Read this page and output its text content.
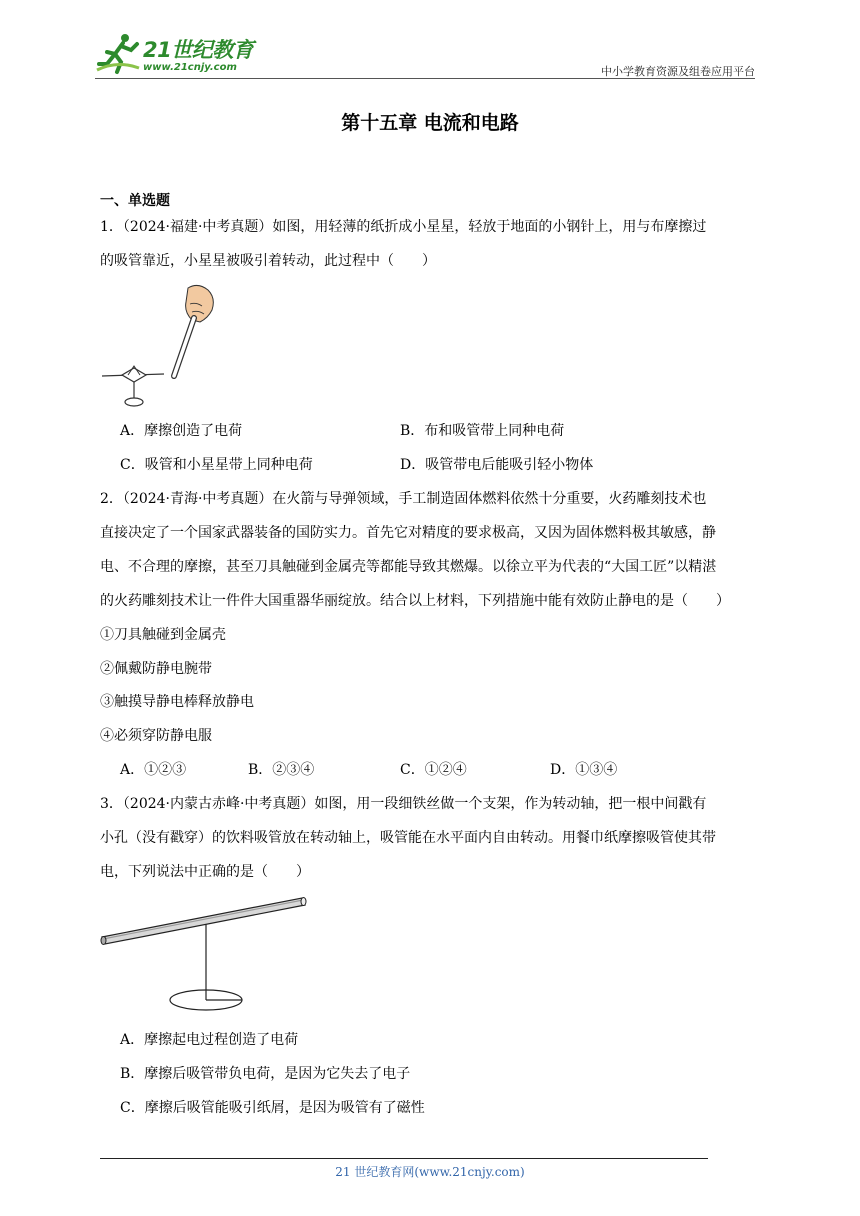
21世纪教育
www.21cnjy.com	中小学教育资源及组卷应用平台
第十五章 电流和电路
一、单选题
1．（2024·福建·中考真题）如图，用轻薄的纸折成小星星，轻放于地面的小钢针上，用与布摩擦过
的吸管靠近，小星星被吸引着转动，此过程中（　　）
A．摩擦创造了电荷	B．布和吸管带上同种电荷
C．吸管和小星星带上同种电荷	D．吸管带电后能吸引轻小物体
2．（2024·青海·中考真题）在火箭与导弹领域，手工制造固体燃料依然十分重要，火药雕刻技术也
直接决定了一个国家武器装备的国防实力。首先它对精度的要求极高，又因为固体燃料极其敏感，静
电、不合理的摩擦，甚至刀具触碰到金属壳等都能导致其燃爆。以徐立平为代表的“大国工匠”以精湛
的火药雕刻技术让一件件大国重器华丽绽放。结合以上材料，下列措施中能有效防止静电的是（　　）
①刀具触碰到金属壳
②佩戴防静电腕带
③触摸导静电棒释放静电
④必须穿防静电服
A．①②③	B．②③④	C．①②④	D．①③④
3．（2024·内蒙古赤峰·中考真题）如图，用一段细铁丝做一个支架，作为转动轴，把一根中间戳有
小孔（没有戳穿）的饮料吸管放在转动轴上，吸管能在水平面内自由转动。用餐巾纸摩擦吸管使其带
电，下列说法中正确的是（　　）
A．摩擦起电过程创造了电荷
B．摩擦后吸管带负电荷，是因为它失去了电子
C．摩擦后吸管能吸引纸屑，是因为吸管有了磁性
21 世纪教育网(www.21cnjy.com)
